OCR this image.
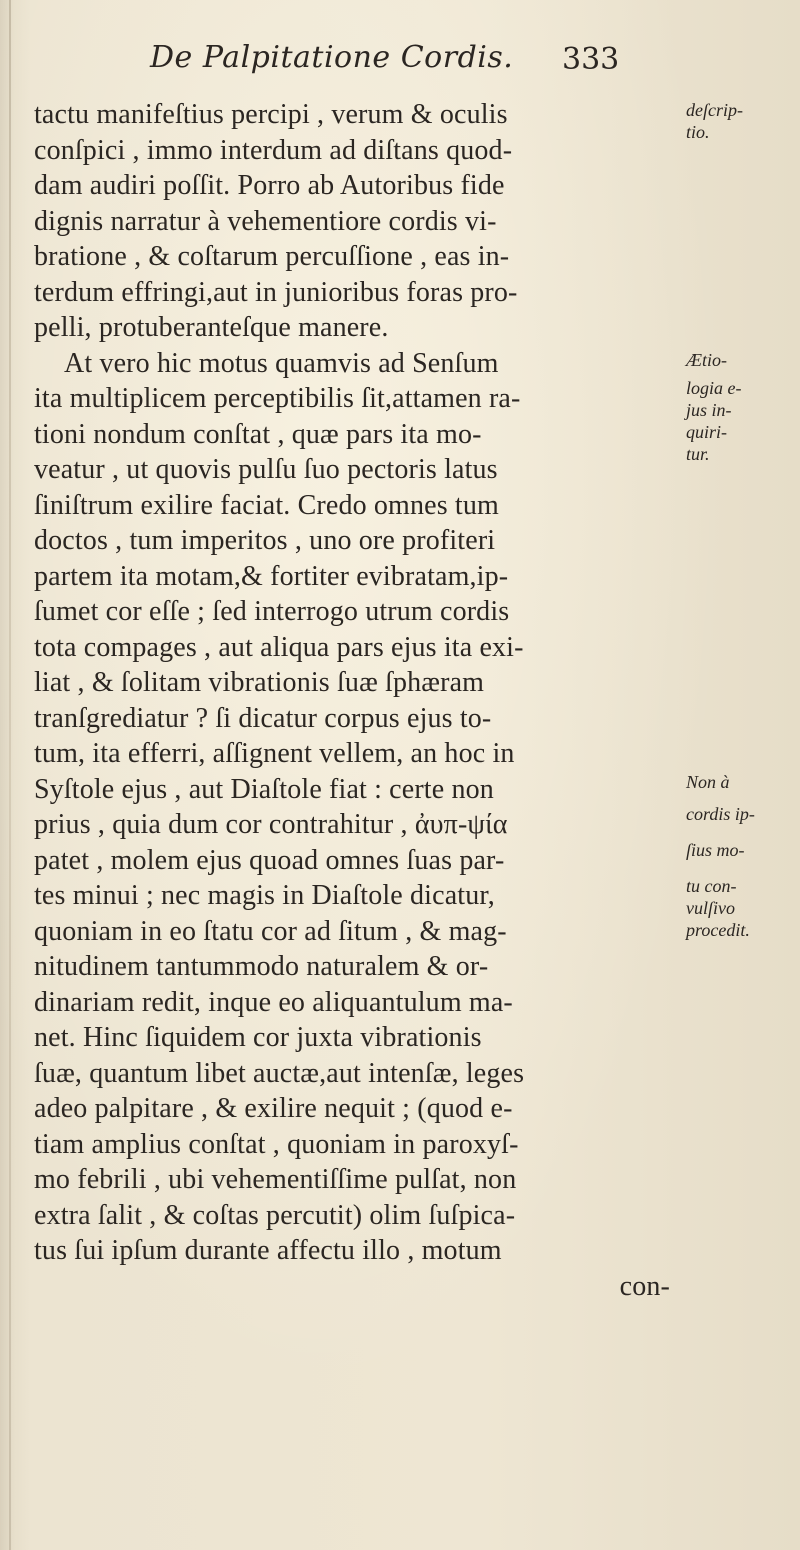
De Palpitatione Cordis. 333
tactu manifeſtius percipi , verum & oculis
conſpici , immo interdum ad diſtans quod-
dam audiri poſſit. Porro ab Autoribus fide
dignis narratur à vehementiore cordis vi-
bratione , & coſtarum percuſſione , eas in-
terdum effringi,aut in junioribus foras pro-
pelli, protuberanteſque manere.
At vero hic motus quamvis ad Senſum
ita multiplicem perceptibilis ſit,attamen ra-
tioni nondum conſtat , quæ pars ita mo-
veatur , ut quovis pulſu ſuo pectoris latus
ſiniſtrum exilire faciat. Credo omnes tum
doctos , tum imperitos , uno ore profiteri
partem ita motam,& fortiter evibratam,ip-
ſumet cor eſſe ; ſed interrogo utrum cordis
tota compages , aut aliqua pars ejus ita exi-
liat , & ſolitam vibrationis ſuæ ſphæram
tranſgrediatur ? ſi dicatur corpus ejus to-
tum, ita efferri, aſſignent vellem, an hoc in
Syſtole ejus , aut Diaſtole fiat : certe non
prius , quia dum cor contrahitur , ἀυπ-ψία
patet , molem ejus quoad omnes ſuas par-
tes minui ; nec magis in Diaſtole dicatur,
quoniam in eo ſtatu cor ad ſitum , & mag-
nitudinem tantummodo naturalem & or-
dinariam redit, inque eo aliquantulum ma-
net. Hinc ſiquidem cor juxta vibrationis
ſuæ, quantum libet auctæ,aut intenſæ, leges
adeo palpitare , & exilire nequit ; (quod e-
tiam amplius conſtat , quoniam in paroxyſ-
mo febrili , ubi vehementiſſime pulſat, non
extra ſalit , & coſtas percutit) olim ſuſpica-
tus ſui ipſum durante affectu illo , motum
con-
deſcrip-
tio.
Ætio-
logia e-
jus in-
quiri-
tur.
Non à
cordis ip-
ſius mo-
tu con-
vulſivo
procedit.
